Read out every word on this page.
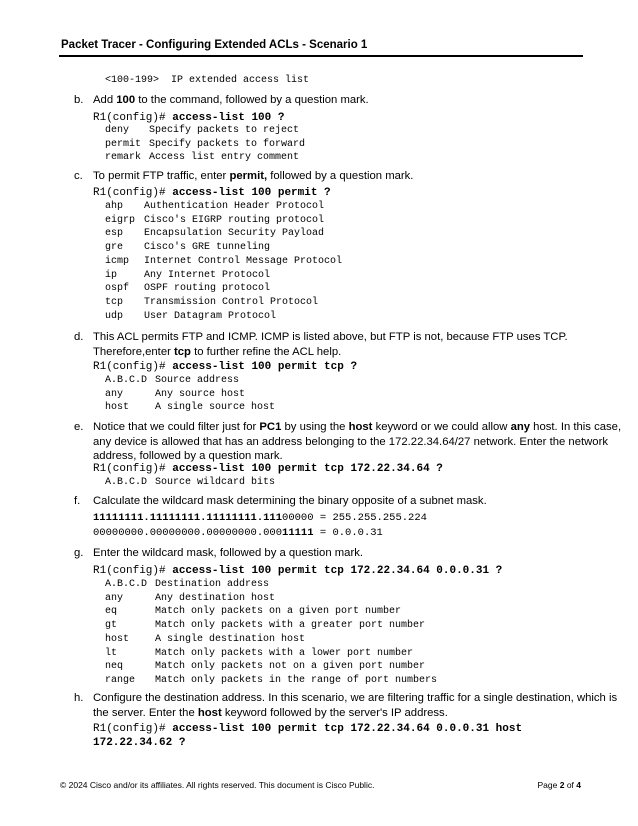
Packet Tracer - Configuring Extended ACLs - Scenario 1
<100-199>  IP extended access list
b. Add 100 to the command, followed by a question mark.
R1(config)# access-list 100 ?
deny Specify packets to reject
permit Specify packets to forward
remark Access list entry comment
c. To permit FTP traffic, enter permit, followed by a question mark.
R1(config)# access-list 100 permit ?
ahp Authentication Header Protocol
eigrp Cisco's EIGRP routing protocol
esp Encapsulation Security Payload
gre Cisco's GRE tunneling
icmp Internet Control Message Protocol
ip	Any Internet Protocol
ospf OSPF routing protocol
tcp Transmission Control Protocol
udp User Datagram Protocol
d. This ACL permits FTP and ICMP. ICMP is listed above, but FTP is not, because FTP uses TCP.
Therefore,enter tcp to further refine the ACL help.
R1(config)# access-list 100 permit tcp ?
A.B.C.D Source address
any	Any source host
host	A single source host
e. Notice that we could filter just for PC1 by using the host keyword or we could allow any host. In this case,
any device is allowed that has an address belonging to the 172.22.34.64/27 network. Enter the network
address, followed by a question mark.
R1(config)# access-list 100 permit tcp 172.22.34.64 ?
A.B.C.D Source wildcard bits
f. Calculate the wildcard mask determining the binary opposite of a subnet mask.
11111111.11111111.11111111.11100000 = 255.255.255.224
00000000.00000000.00000000.00011111 = 0.0.0.31
g. Enter the wildcard mask, followed by a question mark.
R1(config)# access-list 100 permit tcp 172.22.34.64 0.0.0.31 ?
A.B.C.D Destination address
any	Any destination host
eq	Match only packets on a given port number
gt	Match only packets with a greater port number
host	A single destination host
lt	Match only packets with a lower port number
neq	Match only packets not on a given port number
range Match only packets in the range of port numbers
h. Configure the destination address. In this scenario, we are filtering traffic for a single destination, which is
the server. Enter the host keyword followed by the server's IP address.
R1(config)# access-list 100 permit tcp 172.22.34.64 0.0.0.31 host
172.22.34.62 ?
© 2024 Cisco and/or its affiliates. All rights reserved. This document is Cisco Public.	Page 2 of 4
